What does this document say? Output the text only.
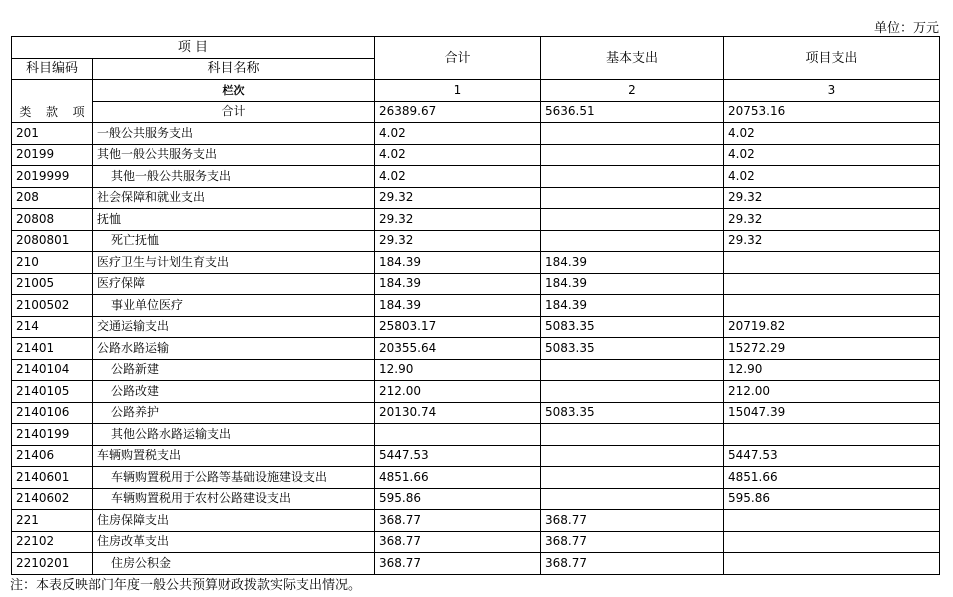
单位：万元
项 目		合计	基本支出	项目支出
科目编码	科目名称			

类 款 项	栏次	1	2	3
	合计	26389.67	5636.51	20753.16
201	一般公共服务支出	4.02		4.02
20199	其他一般公共服务支出	4.02		4.02
2019999	其他一般公共服务支出	4.02		4.02
208	社会保障和就业支出	29.32		29.32
20808	抚恤	29.32		29.32
2080801	死亡抚恤	29.32		29.32
210	医疗卫生与计划生育支出	184.39	184.39	
21005	医疗保障	184.39	184.39	
2100502	事业单位医疗	184.39	184.39	
214	交通运输支出	25803.17	5083.35	20719.82
21401	公路水路运输	20355.64	5083.35	15272.29
2140104	公路新建	12.90		12.90
2140105	公路改建	212.00		212.00
2140106	公路养护	20130.74	5083.35	15047.39
2140199	其他公路水路运输支出			
21406	车辆购置税支出	5447.53		5447.53
2140601	车辆购置税用于公路等基础设施建设支出	4851.66		4851.66
2140602	车辆购置税用于农村公路建设支出	595.86		595.86
221	住房保障支出	368.77	368.77	
22102	住房改革支出	368.77	368.77	
2210201	住房公积金	368.77	368.77	
注：本表反映部门年度一般公共预算财政拨款实际支出情况。
